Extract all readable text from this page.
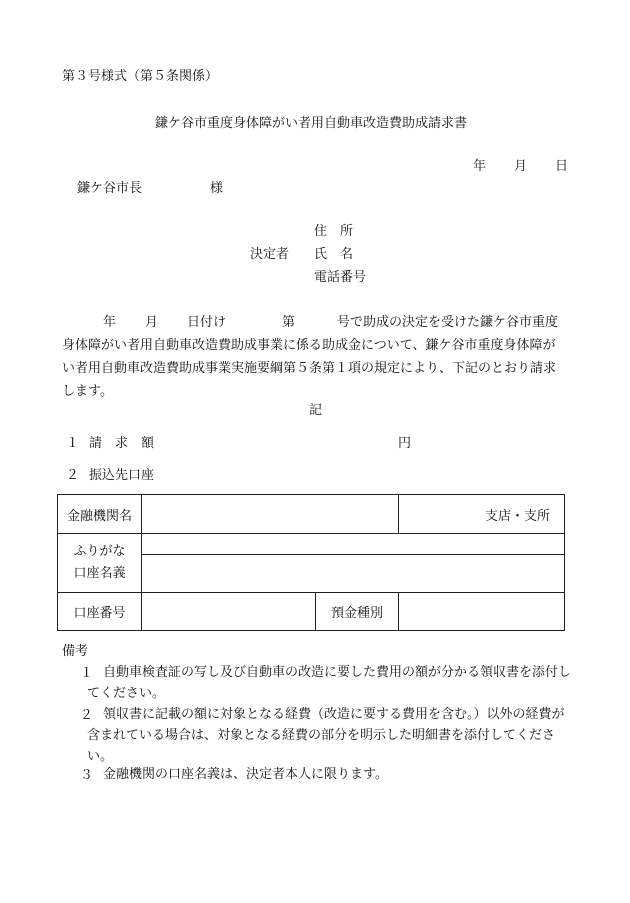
第３号様式（第５条関係）
鎌ケ谷市重度身体障がい者用自動車改造費助成請求書
年 月 日
鎌ケ谷市長	様
住　所
決定者 氏　名
電話番号
年 月 日付け	第	号で助成の決定を受けた鎌ケ谷市重度
身体障がい者用自動車改造費助成事業に係る助成金について、鎌ケ谷市重度身体障が
い者用自動車改造費助成事業実施要綱第５条第１項の規定により、下記のとおり請求
します。
記
１ 請　求　額	円
２ 振込先口座
金融機関名			支店・支所

ふりがな
口座名義			

口座番号		預金種別	
備考
１ 自動車検査証の写し及び自動車の改造に要した費用の額が分かる領収書を添付してください。
２ 領収書に記載の額に対象となる経費（改造に要する費用を含む。）以外の経費が含まれている場合は、対象となる経費の部分を明示した明細書を添付してください。
３ 金融機関の口座名義は、決定者本人に限ります。
